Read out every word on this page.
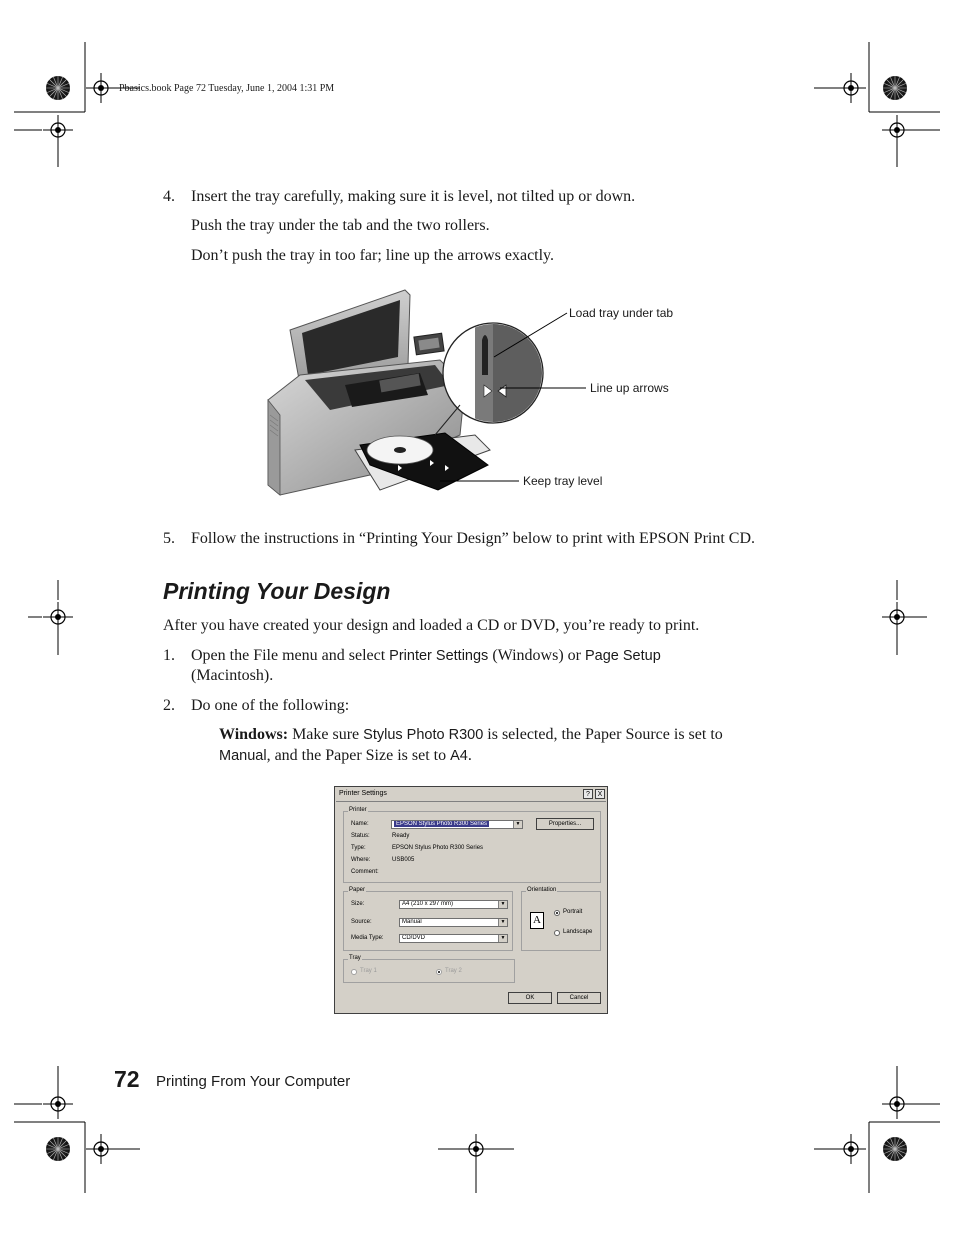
Pbasics.book Page 72 Tuesday, June 1, 2004 1:31 PM
4. Insert the tray carefully, making sure it is level, not tilted up or down.
Push the tray under the tab and the two rollers.
Don’t push the tray in too far; line up the arrows exactly.
Load tray under tab
Line up arrows
Keep tray level
5. Follow the instructions in “Printing Your Design” below to print with EPSON Print CD.
Printing Your Design
After you have created your design and loaded a CD or DVD, you’re ready to print.
1. Open the File menu and select Printer Settings (Windows) or Page Setup
(Macintosh).
2. Do one of the following:
Windows: Make sure Stylus Photo R300 is selected, the Paper Source is set to
Manual, and the Paper Size is set to A4.
Printer Settings	?	X
Printer
Name:	EPSON Stylus Photo R300 Series	▼	Properties...
Status:	Ready
Type:	EPSON Stylus Photo R300 Series
Where:	USB005
Comment:
Paper
Size:	A4 (210 x 297 mm)	▼
Source:	Manual	▼
Media Type:	CD/DVD	▼
Orientation
A
Portrait
Landscape
Tray
Tray 1	Tray 2
OK	Cancel
72 Printing From Your Computer
